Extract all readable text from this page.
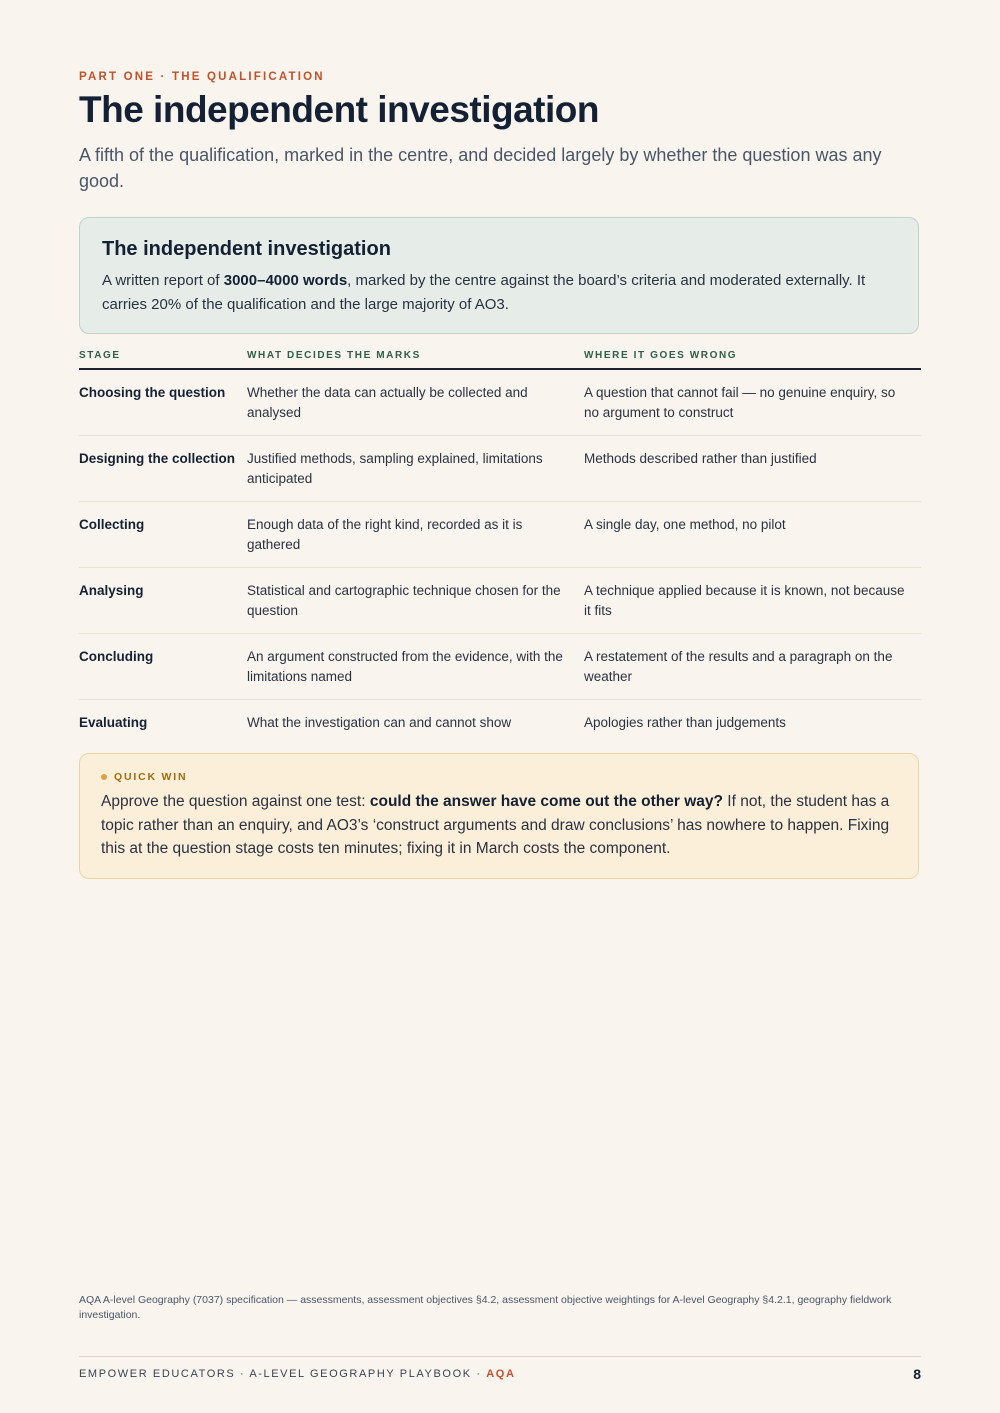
PART ONE · THE QUALIFICATION
The independent investigation

A fifth of the qualification, marked in the centre, and decided largely by whether the question was any good.

The independent investigation

A written report of 3000–4000 words, marked by the centre against the board’s criteria and moderated externally. It carries 20% of the qualification and the large majority of AO3.

STAGE	WHAT DECIDES THE MARKS	WHERE IT GOES WRONG
Choosing the question	Whether the data can actually be collected and analysed	A question that cannot fail — no genuine enquiry, so no argument to construct
Designing the collection	Justified methods, sampling explained, limitations anticipated	Methods described rather than justified
Collecting	Enough data of the right kind, recorded as it is gathered	A single day, one method, no pilot
Analysing	Statistical and cartographic technique chosen for the question	A technique applied because it is known, not because it fits
Concluding	An argument constructed from the evidence, with the limitations named	A restatement of the results and a paragraph on the weather
Evaluating	What the investigation can and cannot show	Apologies rather than judgements
QUICK WIN

Approve the question against one test: could the answer have come out the other way? If not, the student has a topic rather than an enquiry, and AO3’s ‘construct arguments and draw conclusions’ has nowhere to happen. Fixing this at the question stage costs ten minutes; fixing it in March costs the component.

AQA A-level Geography (7037) specification — assessments, assessment objectives §4.2, assessment objective weightings for A-level Geography §4.2.1, geography fieldwork investigation.

EMPOWER EDUCATORS · A-LEVEL GEOGRAPHY PLAYBOOK · AQA	8
